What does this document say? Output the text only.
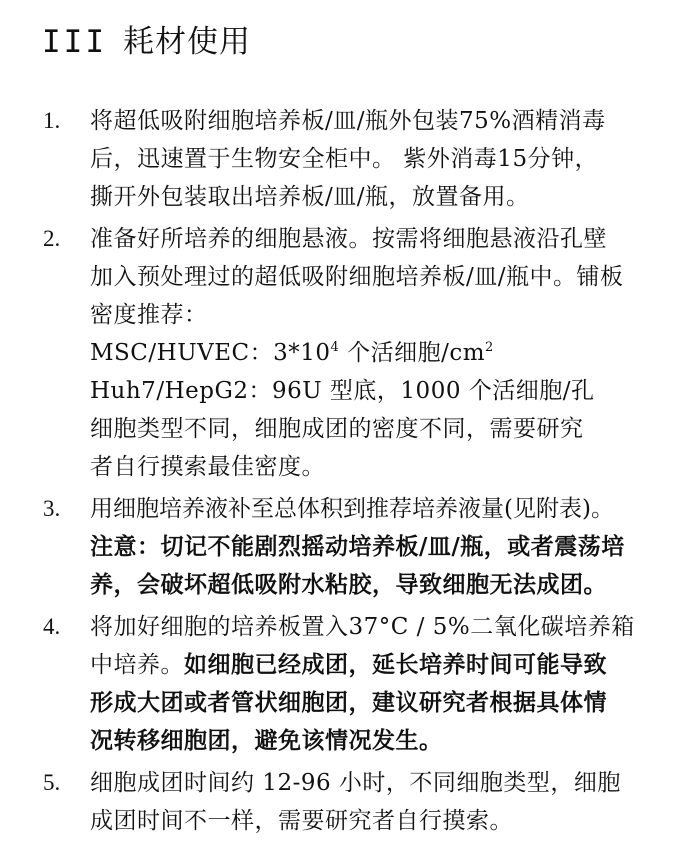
III 耗材使用
1. 将超低吸附细胞培养板/皿/瓶外包装75%酒精消毒
后，迅速置于生物安全柜中。 紫外消毒15分钟，
撕开外包装取出培养板/皿/瓶，放置备用。
2. 准备好所培养的细胞悬液。按需将细胞悬液沿孔壁
加入预处理过的超低吸附细胞培养板/皿/瓶中。铺板
密度推荐：
MSC/HUVEC：$3*10^4$ 个活细胞$/cm^2$
Huh7/HepG2：96U 型底，1000 个活细胞/孔
细胞类型不同，细胞成团的密度不同，需要研究
者自行摸索最佳密度。
3. 用细胞培养液补至总体积到推荐培养液量(见附表)。
注意：切记不能剧烈摇动培养板/皿/瓶，或者震荡培
养，会破坏超低吸附水粘胶，导致细胞无法成团。
4. 将加好细胞的培养板置入37°C / 5%二氧化碳培养箱
中培养。如细胞已经成团，延长培养时间可能导致
形成大团或者管状细胞团，建议研究者根据具体情
况转移细胞团，避免该情况发生。
5. 细胞成团时间约 12-96 小时，不同细胞类型，细胞
成团时间不一样，需要研究者自行摸索。
